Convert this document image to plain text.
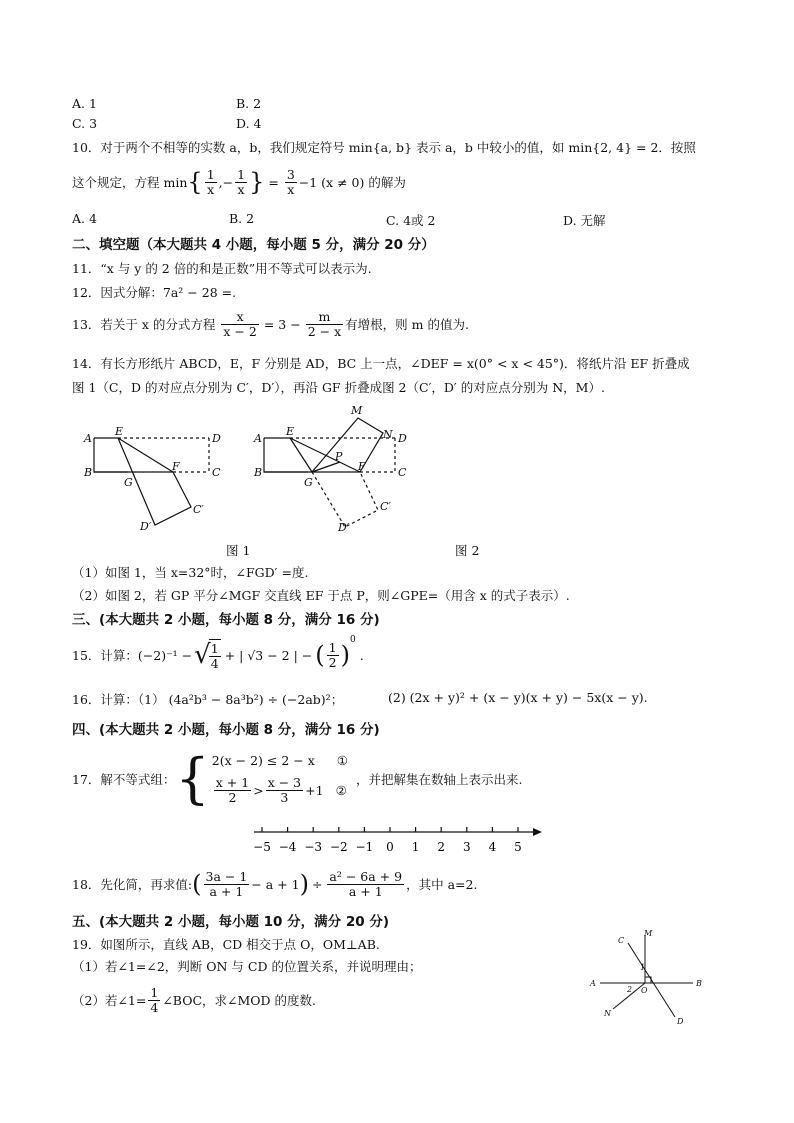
A. 1	B. 2
C. 3	D. 4
10．对于两个不相等的实数 a，b，我们规定符号 min{a, b} 表示 a，b 中较小的值，如 min{2, 4} = 2．按照
这个规定，方程 min { $\frac{1}{x}$ ,− $\frac{1}{x}$ } = $\frac{3}{x} -1$ (x ≠ 0) 的解为
A. 4	B. 2	C. 4或 2	D. 无解
二、填空题（本大题共 4 小题，每小题 5 分，满分 20 分）
11．“x 与 y 的 2 倍的和是正数”用不等式可以表示为.
12．因式分解：7a² − 28 =.
13．若关于 x 的分式方程 $\frac{x}{x - 2} = 3 - \frac{m}{2 - x}$ 有增根，则 m 的值为.
14．有长方形纸片 ABCD，E，F 分别是 AD，BC 上一点，∠DEF = x(0° < x < 45°)．将纸片沿 EF 折叠成
图 1（C，D 的对应点分别为 C′，D′），再沿 GF 折叠成图 2（C′，D′ 的对应点分别为 N，M）.
A
B
E
D
C
F
G
C′
D′
图 1
A
B
E
D
C
F
G
P
M
N
C′
D′
图 2
（1）如图 1，当 x=32°时，∠FGD′ =度.
（2）如图 2，若 GP 平分∠MGF 交直线 EF 于点 P，则∠GPE=（用含 x 的式子表示）.
三、(本大题共 2 小题，每小题 8 分，满分 16 分)
15．计算：(−2)⁻¹ − √
$\frac{1}{4}$ + | √3 − 2 | − ( $\frac{1}{2}$ )
0
.
16．计算：（1） (4a²b³ − 8a³b²) ÷ (−2ab)²；	(2) (2x + y)² + (x − y)(x + y) − 5x(x − y).
四、(本大题共 2 小题，每小题 8 分，满分 16 分)
17．解不等式组： { 2(x − 2) ≤ 2 − x ①
$\frac{x + 1}{2} > \frac{x - 3}{3} +1$ ②
，并把解集在数轴上表示出来.
−5 −4 −3 −2 −1 0 1 2 3 4 5
18．先化简，再求值: ( $\frac{3a - 1}{a + 1} - a + 1$ ) ÷ $\frac{\text{a² − 6a + 9}}{a + 1}$ ，其中 a=2.
五、(本大题共 2 小题，每小题 10 分，满分 20 分)
19．如图所示，直线 AB，CD 相交于点 O，OM⊥AB.
（1）若∠1=∠2，判断 ON 与 CD 的位置关系，并说明理由；
（2）若∠1= $\frac{1}{4}$ ∠BOC，求∠MOD 的度数.
A	B
C
D
M
N
O
1
2
